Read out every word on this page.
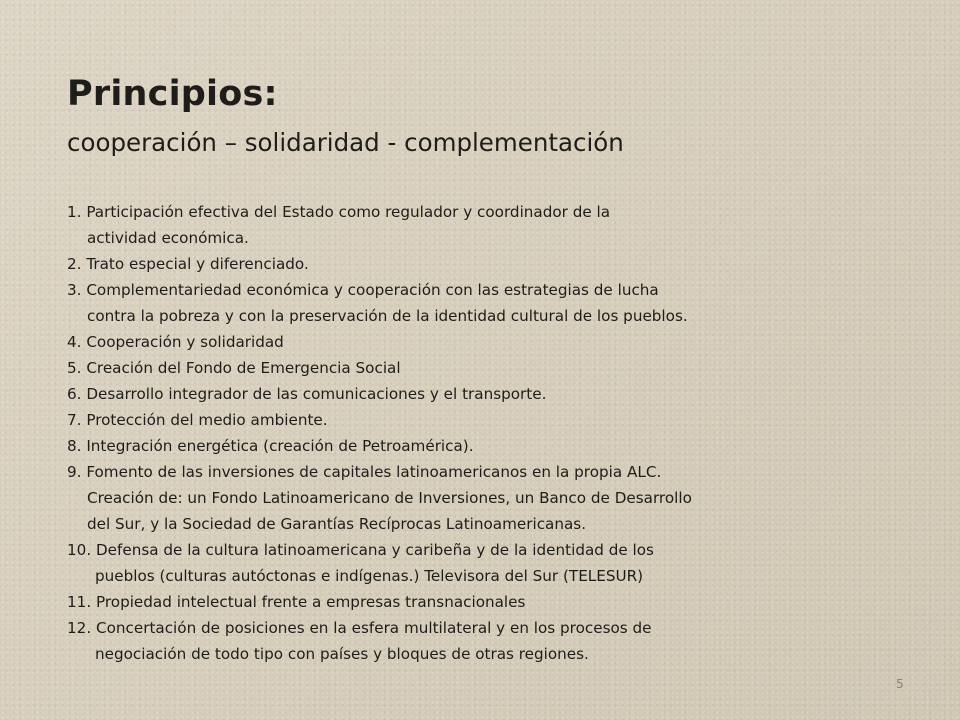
Principios:
cooperación – solidaridad - complementación
1. Participación efectiva del Estado como regulador y coordinador de la
actividad económica.
2. Trato especial y diferenciado.
3. Complementariedad económica y cooperación con las estrategias de lucha
contra la pobreza y con la preservación de la identidad cultural de los pueblos.
4. Cooperación y solidaridad
5. Creación del Fondo de Emergencia Social
6. Desarrollo integrador de las comunicaciones y el transporte.
7. Protección del medio ambiente.
8. Integración energética (creación de Petroamérica).
9. Fomento de las inversiones de capitales latinoamericanos en la propia ALC.
Creación de: un Fondo Latinoamericano de Inversiones, un Banco de Desarrollo
del Sur, y la Sociedad de Garantías Recíprocas Latinoamericanas.
10. Defensa de la cultura latinoamericana y caribeña y de la identidad de los
pueblos (culturas autóctonas e indígenas.) Televisora del Sur (TELESUR)
11. Propiedad intelectual frente a empresas transnacionales
12. Concertación de posiciones en la esfera multilateral y en los procesos de
negociación de todo tipo con países y bloques de otras regiones.
5
